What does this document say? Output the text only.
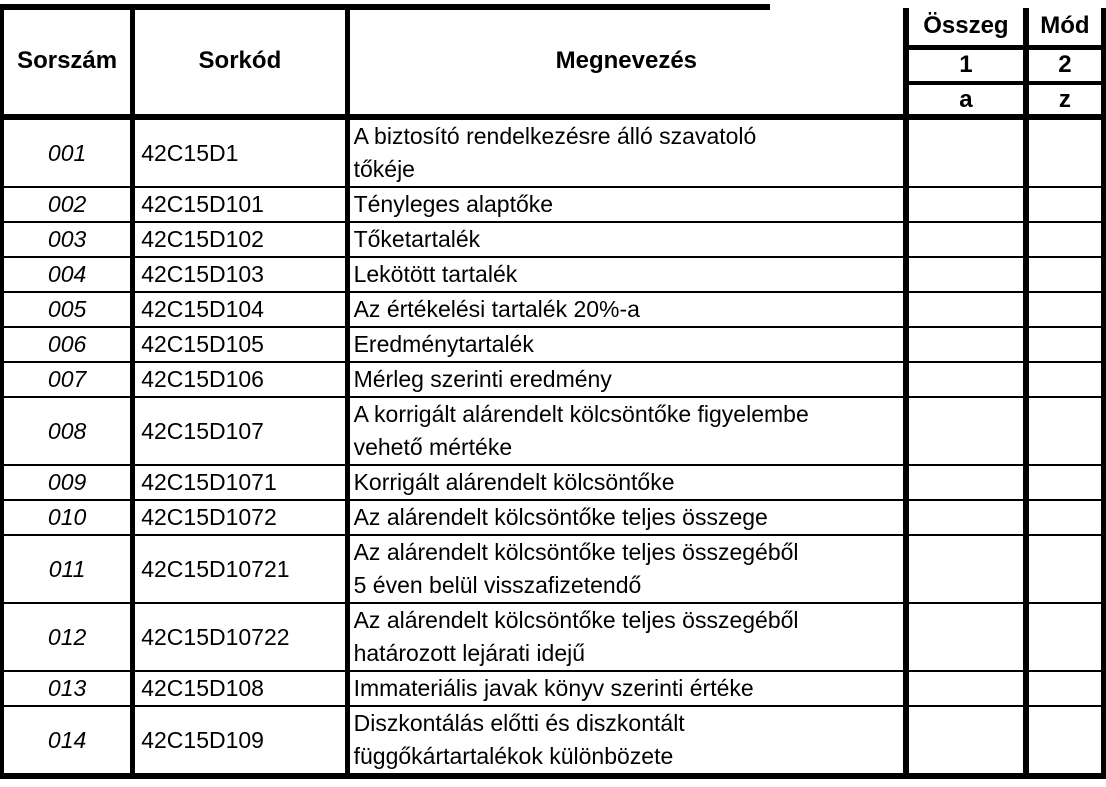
Sorszám	Sorkód	Megnevezés	Összeg	Mód
			1	2
			a	z
001	42C15D1	A biztosító rendelkezésre álló szavatoló
tőkéje		

002	42C15D101	Tényleges alaptőke		

003	42C15D102	Tőketartalék		

004	42C15D103	Lekötött tartalék		

005	42C15D104	Az értékelési tartalék 20%-a		

006	42C15D105	Eredménytartalék		

007	42C15D106	Mérleg szerinti eredmény		

008	42C15D107	A korrigált alárendelt kölcsöntőke figyelembe
vehető mértéke		

009	42C15D1071	Korrigált alárendelt kölcsöntőke		

010	42C15D1072	Az alárendelt kölcsöntőke teljes összege		

011	42C15D10721	Az alárendelt kölcsöntőke teljes összegéből
5 éven belül visszafizetendő		

012	42C15D10722	Az alárendelt kölcsöntőke teljes összegéből
határozott lejárati idejű		

013	42C15D108	Immateriális javak könyv szerinti értéke		

014	42C15D109	Diszkontálás előtti és diszkontált
függőkártartalékok különbözete		
